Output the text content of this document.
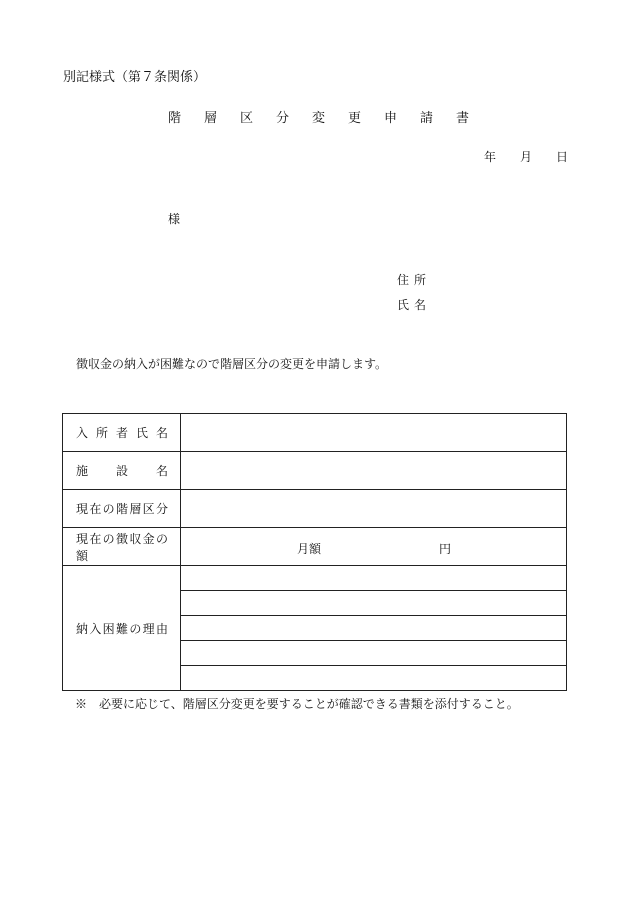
別記様式（第７条関係）
階	層	区	分	変	更	申	請	書
年 月 日
様
住所
氏名
徴収金の納入が困難なので階層区分の変更を申請します。
入所者氏名	
施設名	
現在の階層区分	
現在の徴収金の額	月額 円

納入困難の理由	

※　必要に応じて、階層区分変更を要することが確認できる書類を添付すること。
